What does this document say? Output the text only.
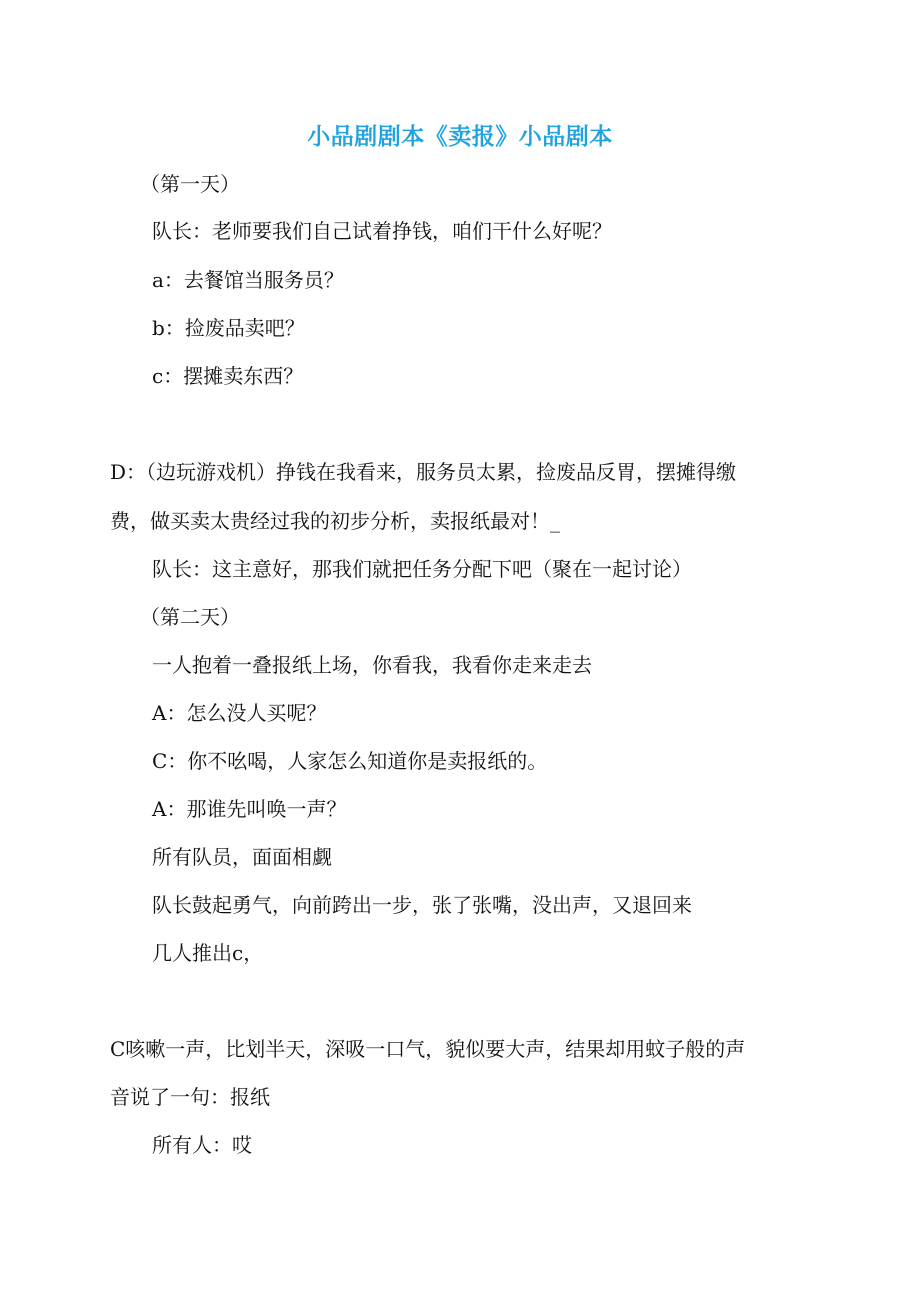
小品剧剧本《卖报》小品剧本
（第一天）
队长：老师要我们自己试着挣钱，咱们干什么好呢？
a：去餐馆当服务员？
b：捡废品卖吧？
c：摆摊卖东西？
D：（边玩游戏机）挣钱在我看来，服务员太累，捡废品反胃，摆摊得缴
费，做买卖太贵经过我的初步分析，卖报纸最对！_
队长：这主意好，那我们就把任务分配下吧（聚在一起讨论）
（第二天）
一人抱着一叠报纸上场，你看我，我看你走来走去
A：怎么没人买呢？
C：你不吆喝，人家怎么知道你是卖报纸的。
A：那谁先叫唤一声？
所有队员，面面相觑
队长鼓起勇气，向前跨出一步，张了张嘴，没出声，又退回来
几人推出c，
C咳嗽一声，比划半天，深吸一口气，貌似要大声，结果却用蚊子般的声
音说了一句：报纸
所有人：哎
